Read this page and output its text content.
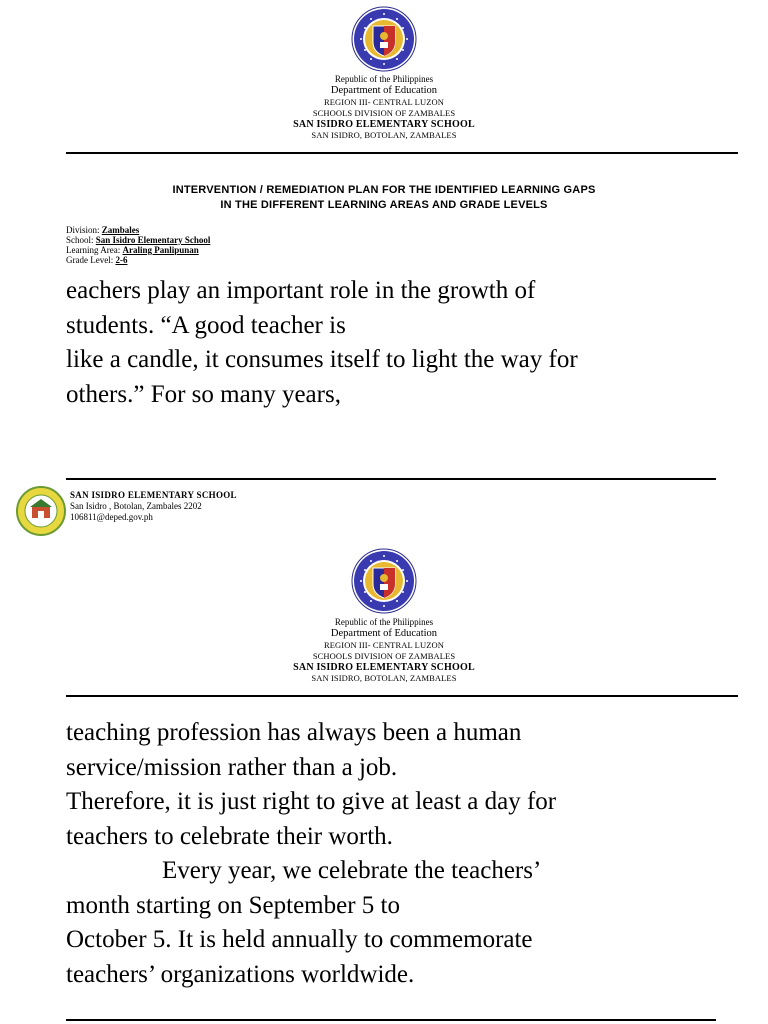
Republic of the Philippines
Department of Education
REGION III- CENTRAL LUZON
SCHOOLS DIVISION OF ZAMBALES
SAN ISIDRO ELEMENTARY SCHOOL
SAN ISIDRO, BOTOLAN, ZAMBALES
INTERVENTION / REMEDIATION PLAN FOR THE IDENTIFIED LEARNING GAPS
IN THE DIFFERENT LEARNING AREAS AND GRADE LEVELS
Division: Zambales
School: San Isidro Elementary School
Learning Area: Araling Panlipunan
Grade Level: 2-6
eachers play an important role in the growth of
students. “A good teacher is
like a candle, it consumes itself to light the way for
others.” For so many years,
SAN ISIDRO ELEMENTARY SCHOOL
San Isidro , Botolan, Zambales 2202
106811@deped.gov.ph
Republic of the Philippines
Department of Education
REGION III- CENTRAL LUZON
SCHOOLS DIVISION OF ZAMBALES
SAN ISIDRO ELEMENTARY SCHOOL
SAN ISIDRO, BOTOLAN, ZAMBALES
teaching profession has always been a human
service/mission rather than a job.
Therefore, it is just right to give at least a day for
teachers to celebrate their worth.
Every year, we celebrate the teachers’
month starting on September 5 to
October 5. It is held annually to commemorate
teachers’ organizations worldwide.
